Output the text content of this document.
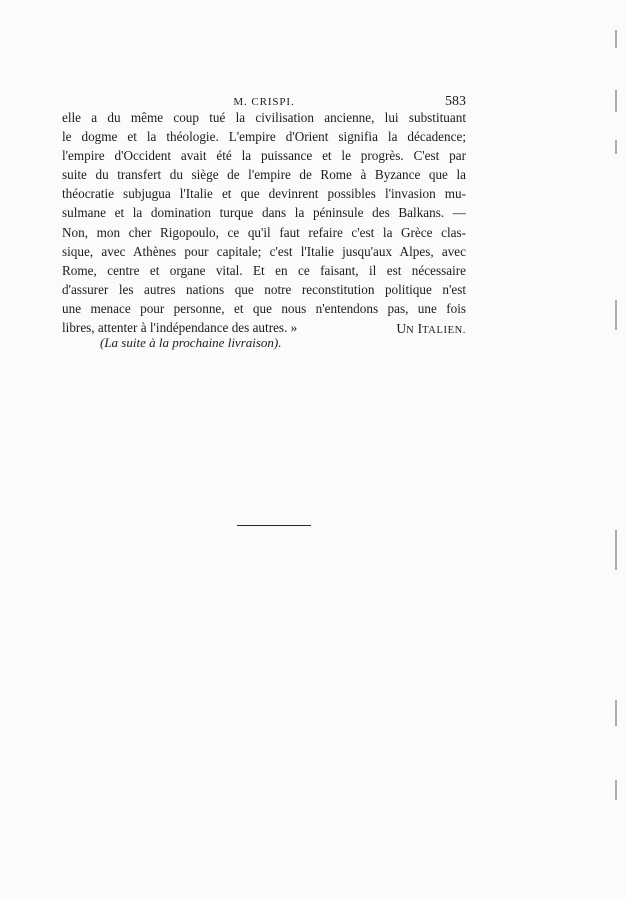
M. CRISPI.	583
elle a du même coup tué la civilisation ancienne, lui substituant
le dogme et la théologie. L'empire d'Orient signifia la décadence;
l'empire d'Occident avait été la puissance et le progrès. C'est par
suite du transfert du siège de l'empire de Rome à Byzance que la
théocratie subjugua l'Italie et que devinrent possibles l'invasion mu-
sulmane et la domination turque dans la péninsule des Balkans. —
Non, mon cher Rigopoulo, ce qu'il faut refaire c'est la Grèce clas-
sique, avec Athènes pour capitale; c'est l'Italie jusqu'aux Alpes, avec
Rome, centre et organe vital. Et en ce faisant, il est nécessaire
d'assurer les autres nations que notre reconstitution politique n'est
une menace pour personne, et que nous n'entendons pas, une fois
libres, attenter à l'indépendance des autres. »	UN ITALIEN.
(La suite à la prochaine livraison).
